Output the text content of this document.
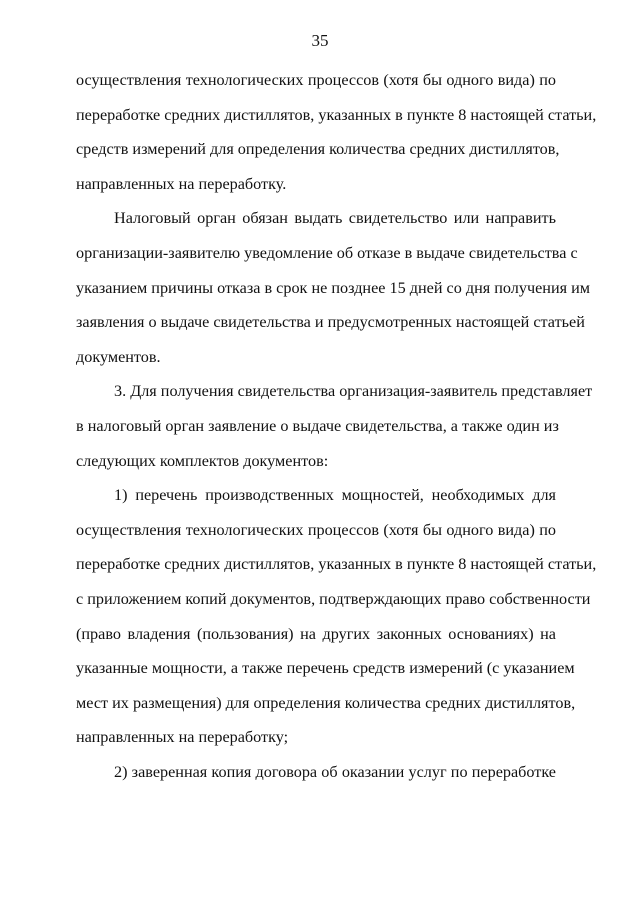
35
осуществления технологических процессов (хотя бы одного вида) по
переработке средних дистиллятов, указанных в пункте 8 настоящей статьи,
средств измерений для определения количества средних дистиллятов,
направленных на переработку.
Налоговый орган обязан выдать свидетельство или направить
организации-заявителю уведомление об отказе в выдаче свидетельства с
указанием причины отказа в срок не позднее 15 дней со дня получения им
заявления о выдаче свидетельства и предусмотренных настоящей статьей
документов.
3. Для получения свидетельства организация-заявитель представляет
в налоговый орган заявление о выдаче свидетельства, а также один из
следующих комплектов документов:
1) перечень производственных мощностей, необходимых для
осуществления технологических процессов (хотя бы одного вида) по
переработке средних дистиллятов, указанных в пункте 8 настоящей статьи,
с приложением копий документов, подтверждающих право собственности
(право владения (пользования) на других законных основаниях) на
указанные мощности, а также перечень средств измерений (с указанием
мест их размещения) для определения количества средних дистиллятов,
направленных на переработку;
2) заверенная копия договора об оказании услуг по переработке
